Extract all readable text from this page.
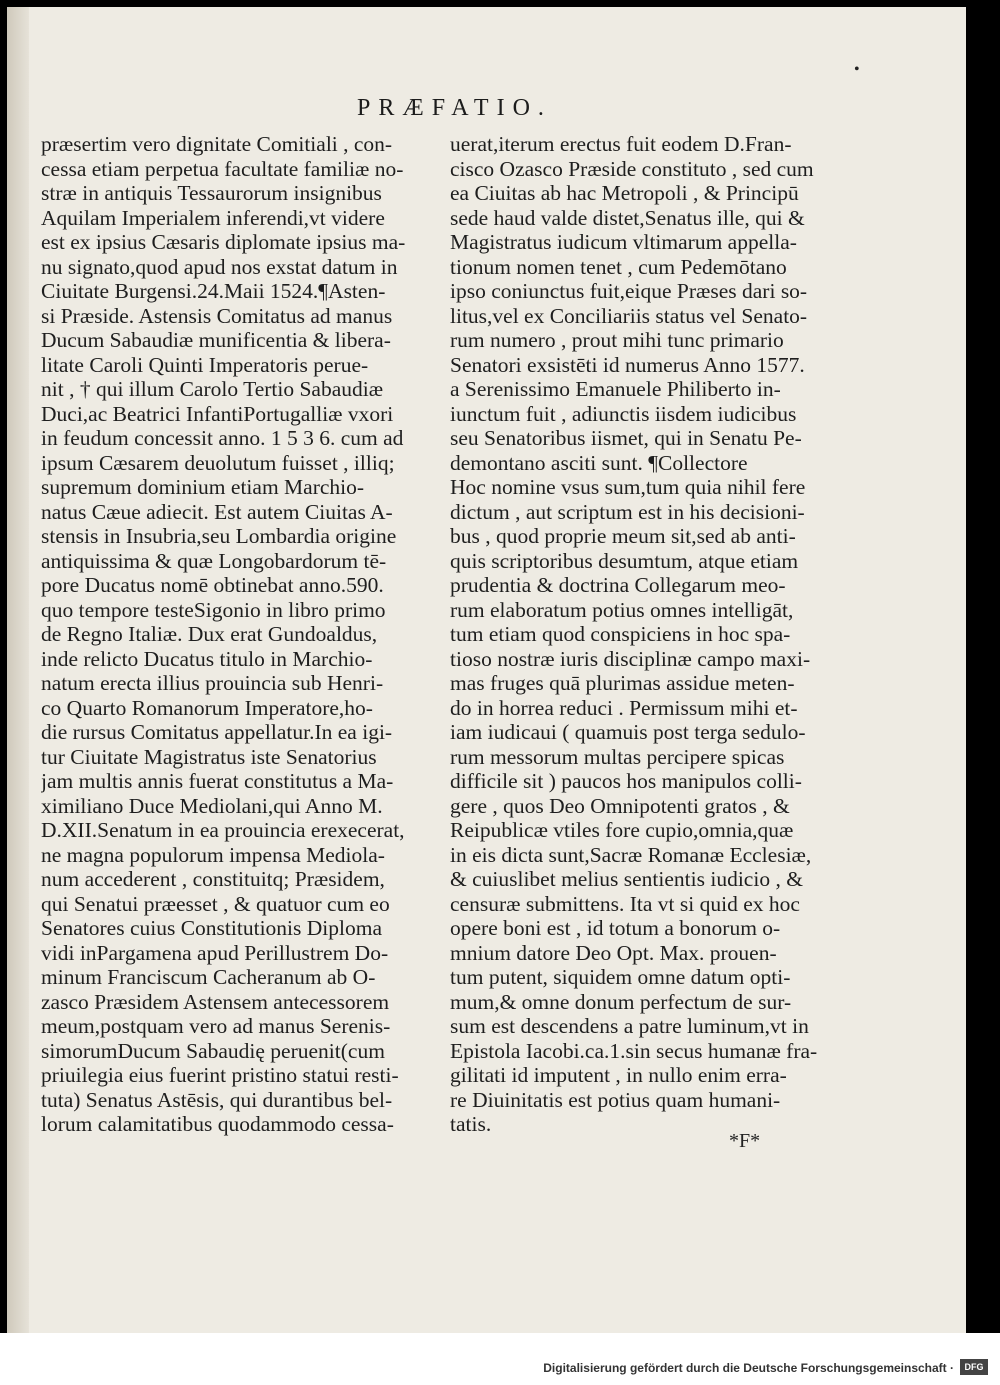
•
PRÆFATIO.
præsertim vero dignitate Comitiali , con-
cessa etiam perpetua facultate familiæ no-
stræ in antiquis Tessaurorum insignibus
Aquilam Imperialem inferendi,vt videre
est ex ipsius Cæsaris diplomate ipsius ma-
nu signato,quod apud nos exstat datum in
Ciuitate Burgensi.24.Maii 1524.¶Asten-
si Præside. Astensis Comitatus ad manus
Ducum Sabaudiæ munificentia & libera-
litate Caroli Quinti Imperatoris perue-
nit , † qui illum Carolo Tertio Sabaudiæ
Duci,ac Beatrici InfantiPortugalliæ vxori
in feudum concessit anno. 1 5 3 6. cum ad
ipsum Cæsarem deuolutum fuisset , illiq;
supremum dominium etiam Marchio-
natus Cæue adiecit. Est autem Ciuitas A-
stensis in Insubria,seu Lombardia origine
antiquissima & quæ Longobardorum tē-
pore Ducatus nomē obtinebat anno.590.
quo tempore testeSigonio in libro primo
de Regno Italiæ. Dux erat Gundoaldus,
inde relicto Ducatus titulo in Marchio-
natum erecta illius prouincia sub Henri-
co Quarto Romanorum Imperatore,ho-
die rursus Comitatus appellatur.In ea igi-
tur Ciuitate Magistratus iste Senatorius
jam multis annis fuerat constitutus a Ma-
ximiliano Duce Mediolani,qui Anno M.
D.XII.Senatum in ea prouincia erexecerat,
ne magna populorum impensa Mediola-
num accederent , constituitq; Præsidem,
qui Senatui præesset , & quatuor cum eo
Senatores cuius Constitutionis Diploma
vidi inPargamena apud Perillustrem Do-
minum Franciscum Cacheranum ab O-
zasco Præsidem Astensem antecessorem
meum,postquam vero ad manus Serenis-
simorumDucum Sabaudię peruenit(cum
priuilegia eius fuerint pristino statui resti-
tuta) Senatus Astēsis, qui durantibus bel-
lorum calamitatibus quodammodo cessa-
uerat,iterum erectus fuit eodem D.Fran-
cisco Ozasco Præside constituto , sed cum
ea Ciuitas ab hac Metropoli , & Principū
sede haud valde distet,Senatus ille, qui &
Magistratus iudicum vltimarum appella-
tionum nomen tenet , cum Pedemōtano
ipso coniunctus fuit,eique Præses dari so-
litus,vel ex Conciliariis status vel Senato-
rum numero , prout mihi tunc primario
Senatori exsistēti id numerus Anno 1577.
a Serenissimo Emanuele Philiberto in-
iunctum fuit , adiunctis iisdem iudicibus
seu Senatoribus iismet, qui in Senatu Pe-
demontano asciti sunt. ¶Collectore
Hoc nomine vsus sum,tum quia nihil fere
dictum , aut scriptum est in his decisioni-
bus , quod proprie meum sit,sed ab anti-
quis scriptoribus desumtum, atque etiam
prudentia & doctrina Collegarum meo-
rum elaboratum potius omnes intelligāt,
tum etiam quod conspiciens in hoc spa-
tioso nostræ iuris disciplinæ campo maxi-
mas fruges quā plurimas assidue meten-
do in horrea reduci . Permissum mihi et-
iam iudicaui ( quamuis post terga sedulo-
rum messorum multas percipere spicas
difficile sit ) paucos hos manipulos colli-
gere , quos Deo Omnipotenti gratos , &
Reipublicæ vtiles fore cupio,omnia,quæ
in eis dicta sunt,Sacræ Romanæ Ecclesiæ,
& cuiuslibet melius sentientis iudicio , &
censuræ submittens. Ita vt si quid ex hoc
opere boni est , id totum a bonorum o-
mnium datore Deo Opt. Max. prouen-
tum putent, siquidem omne datum opti-
mum,& omne donum perfectum de sur-
sum est descendens a patre luminum,vt in
Epistola Iacobi.ca.1.sin secus humanæ fra-
gilitati id imputent , in nullo enim erra-
re Diuinitatis est potius quam humani-
tatis.
*F*
Digitalisierung gefördert durch die Deutsche Forschungsgemeinschaft ·	DFG
